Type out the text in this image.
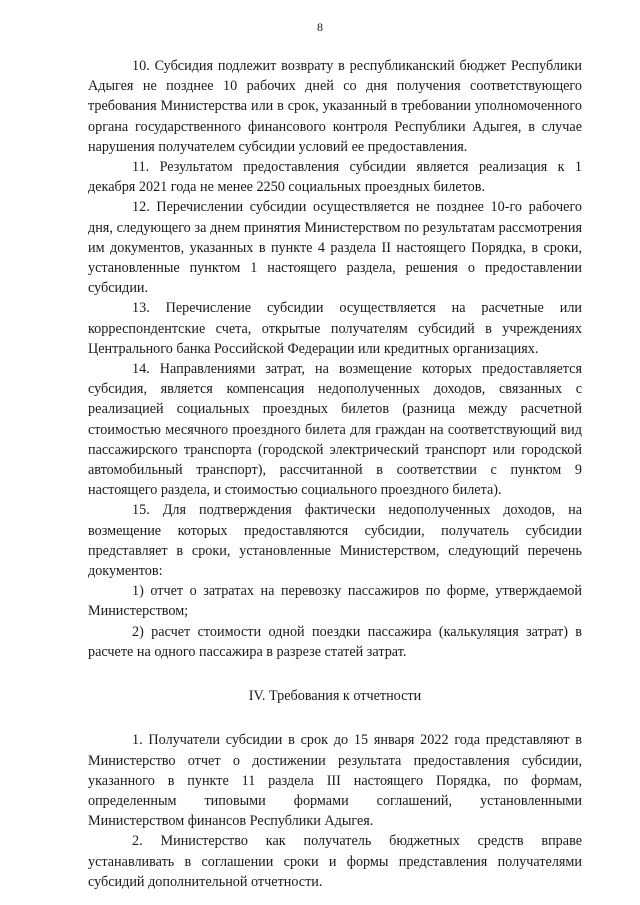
8

10. Субсидия подлежит возврату в республиканский бюджет Республики Адыгея не позднее 10 рабочих дней со дня получения соответствующего требования Министерства или в срок, указанный в требовании уполномоченного органа государственного финансового контроля Республики Адыгея, в случае нарушения получателем субсидии условий ее предоставления.

11. Результатом предоставления субсидии является реализация к 1 декабря 2021 года не менее 2250 социальных проездных билетов.

12. Перечислении субсидии осуществляется не позднее 10-го рабочего дня, следующего за днем принятия Министерством по результатам рассмотрения им документов, указанных в пункте 4 раздела II настоящего Порядка, в сроки, установленные пунктом 1 настоящего раздела, решения о предоставлении субсидии.

13. Перечисление субсидии осуществляется на расчетные или корреспондентские счета, открытые получателям субсидий в учреждениях Центрального банка Российской Федерации или кредитных организациях.

14. Направлениями затрат, на возмещение которых предоставляется субсидия, является компенсация недополученных доходов, связанных с реализацией социальных проездных билетов (разница между расчетной стоимостью месячного проездного билета для граждан на соответствующий вид пассажирского транспорта (городской электрический транспорт или городской автомобильный транспорт), рассчитанной в соответствии с пунктом 9 настоящего раздела, и стоимостью социального проездного билета).

15. Для подтверждения фактически недополученных доходов, на возмещение которых предоставляются субсидии, получатель субсидии представляет в сроки, установленные Министерством, следующий перечень документов:

1) отчет о затратах на перевозку пассажиров по форме, утверждаемой Министерством;

2) расчет стоимости одной поездки пассажира (калькуляция затрат) в расчете на одного пассажира в разрезе статей затрат.

IV. Требования к отчетности

1. Получатели субсидии в срок до 15 января 2022 года представляют в Министерство отчет о достижении результата предоставления субсидии, указанного в пункте 11 раздела III настоящего Порядка, по формам, определенным типовыми формами соглашений, установленными Министерством финансов Республики Адыгея.

2. Министерство как получатель бюджетных средств вправе устанавливать в соглашении сроки и формы представления получателями субсидий дополнительной отчетности.
